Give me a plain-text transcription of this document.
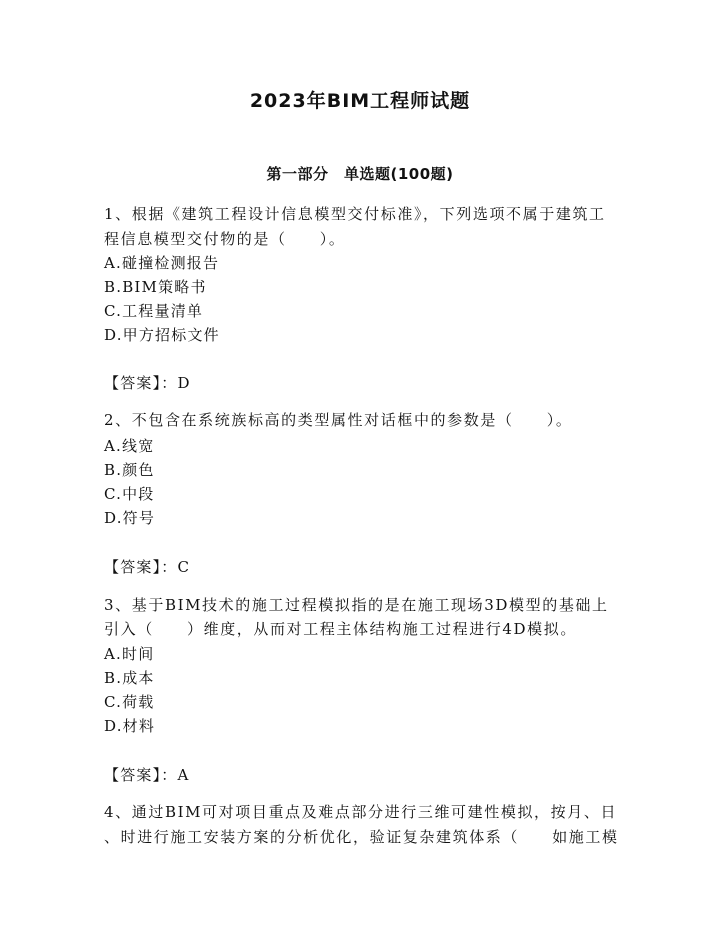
2023年BIM工程师试题
第一部分　单选题(100题)
1、根据《建筑工程设计信息模型交付标准》，下列选项不属于建筑工
程信息模型交付物的是（　　）。
A.碰撞检测报告
B.BIM策略书
C.工程量清单
D.甲方招标文件
【答案】：D
2、不包含在系统族标高的类型属性对话框中的参数是（　　）。
A.线宽
B.颜色
C.中段
D.符号
【答案】：C
3、基于BIM技术的施工过程模拟指的是在施工现场3D模型的基础上
引入（　　）维度，从而对工程主体结构施工过程进行4D模拟。
A.时间
B.成本
C.荷载
D.材料
【答案】：A
4、通过BIM可对项目重点及难点部分进行三维可建性模拟，按月、日
、时进行施工安装方案的分析优化，验证复杂建筑体系（　　如施工模
